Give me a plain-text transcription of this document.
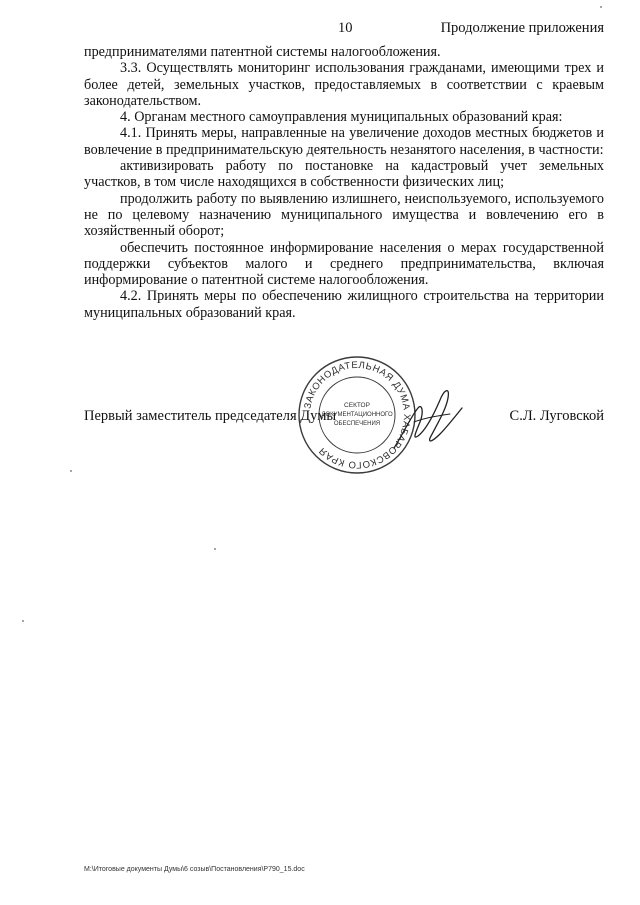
10	Продолжение приложения

предпринимателями патентной системы налогообложения.

3.3. Осуществлять мониторинг использования гражданами, имеющими трех и более детей, земельных участков, предоставляемых в соответствии с краевым законодательством.

4. Органам местного самоуправления муниципальных образований края:

4.1. Принять меры, направленные на увеличение доходов местных бюджетов и вовлечение в предпринимательскую деятельность незанятого населения, в частности:

активизировать работу по постановке на кадастровый учет земельных участков, в том числе находящихся в собственности физических лиц;

продолжить работу по выявлению излишнего, неиспользуемого, используемого не по целевому назначению муниципального имущества и вовлечению его в хозяйственный оборот;

обеспечить постоянное информирование населения о мерах государственной поддержки субъектов малого и среднего предпринимательства, включая информирование о патентной системе налогообложения.

4.2. Принять меры по обеспечению жилищного строительства на территории муниципальных образований края.

ЗАКОНОДАТЕЛЬНАЯ ДУМА ХАБАРОВСКОГО КРАЯ
СЕКТОР
ДОКУМЕНТАЦИОННОГО
ОБЕСПЕЧЕНИЯ
Первый заместитель председателя Думы	С.Л. Луговской
M:\Итоговые документы Думы\6 созыв\Постановления\Р790_15.doc
